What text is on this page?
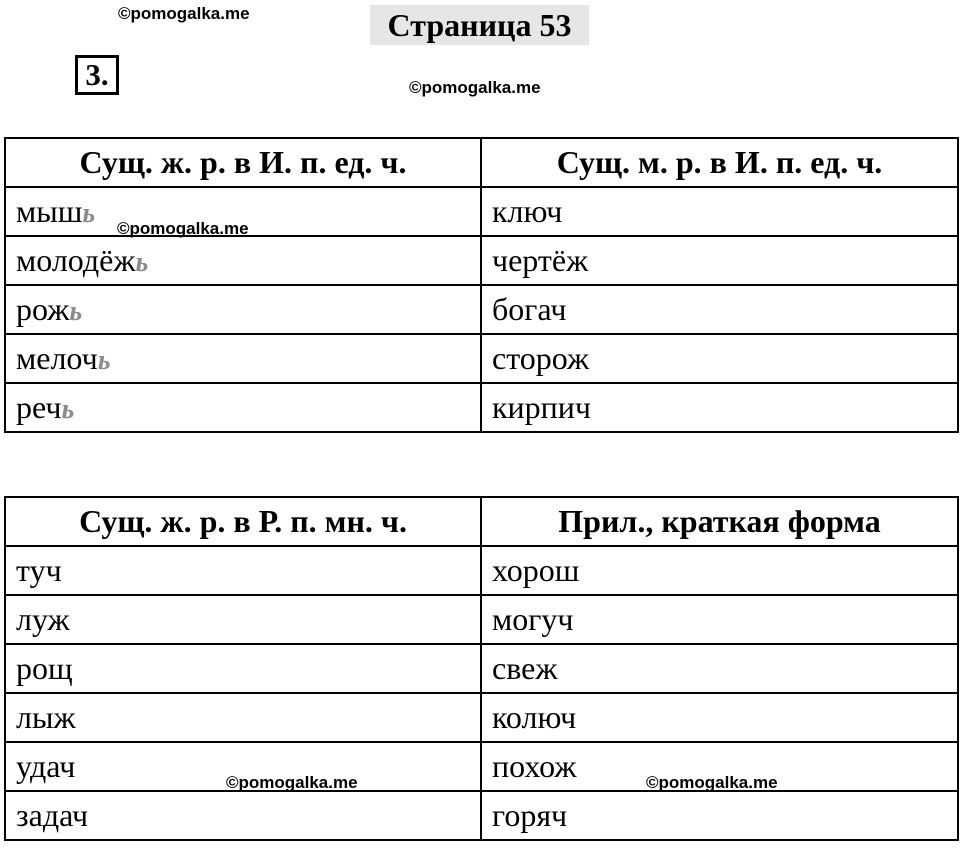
©pomogalka.me	Страница 53
3.	©pomogalka.me
Сущ. ж. р. в И. п. ед. ч.	Сущ. м. р. в И. п. ед. ч.
мышь	ключ
молодёжь	чертёж
рожь	богач
мелочь	сторож
речь	кирпич
©pomogalka.me
Сущ. ж. р. в Р. п. мн. ч.	Прил., краткая форма
туч	хорош
луж	могуч
рощ	свеж
лыж	колюч
удач	похож
задач	горяч
©pomogalka.me	©pomogalka.me
